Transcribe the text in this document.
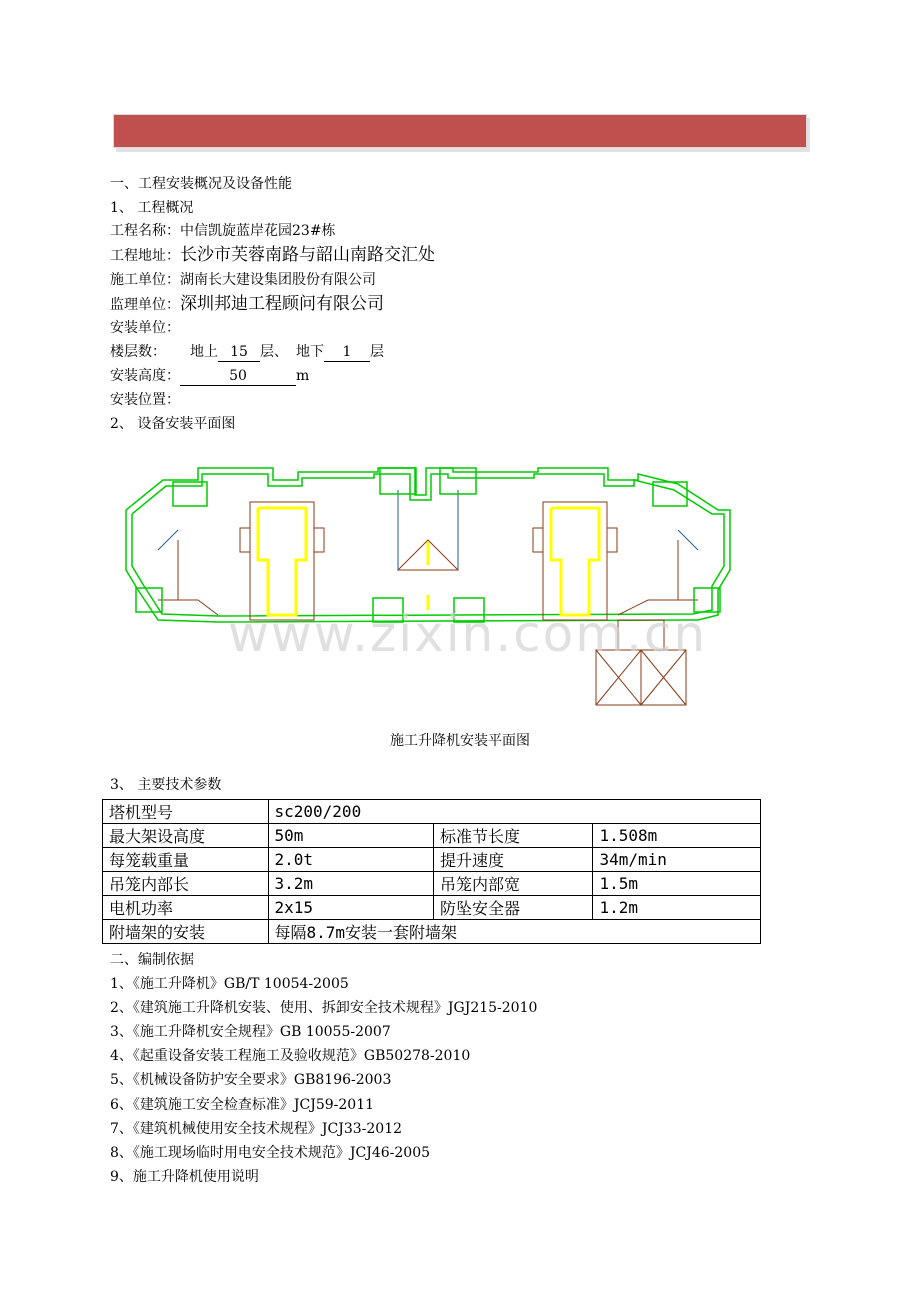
一、工程安装概况及设备性能
1、 工程概况
工程名称：中信凯旋蓝岸花园23#栋
工程地址：长沙市芙蓉南路与韶山南路交汇处
施工单位：湖南长大建设集团股份有限公司
监理单位：深圳邦迪工程顾问有限公司
安装单位：
楼层数： 地上 15 层、 地下 1 层
安装高度：	50	m
安装位置：
2、 设备安装平面图
www.zixin.com.cn
施工升降机安装平面图
3、 主要技术参数
塔机型号	sc200/200		
最大架设高度	50m	标准节长度	1.508m
每笼载重量	2.0t	提升速度	34m/min
吊笼内部长	3.2m	吊笼内部宽	1.5m
电机功率	2x15	防坠安全器	1.2m
附墙架的安装	每隔8.7m安装一套附墙架		
二、编制依据
1、《施工升降机》GB/T 10054-2005
2、《建筑施工升降机安装、使用、拆卸安全技术规程》JGJ215-2010
3、《施工升降机安全规程》GB 10055-2007
4、《起重设备安装工程施工及验收规范》GB50278-2010
5、《机械设备防护安全要求》GB8196-2003
6、《建筑施工安全检查标准》JCJ59-2011
7、《建筑机械使用安全技术规程》JCJ33-2012
8、《施工现场临时用电安全技术规范》JCJ46-2005
9、施工升降机使用说明
